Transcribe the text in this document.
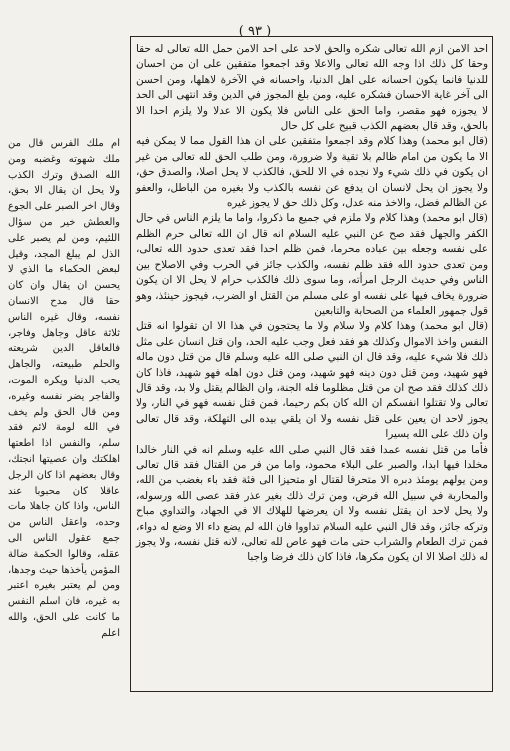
( ٩٣ )

احد الامن ازم الله تعالى شكره والحق لاحد على احد الامن حمل الله تعالى له حقا وحقا كل ذلك اذا وجه الله تعالى والاعلا وقد اجمعوا متفقين على ان من احسان للدنيا فانما يكون احسانه على اهل الدنيا، واحسانه في الآخرة لاهلها، ومن احسن الى آخر غاية الاحسان فشكره عليه، ومن بلغ المجوز في الدين وقد انتهى الى الحد لا يجوزه فهو مقصر، واما الحق على الناس فلا يكون الا عدلا ولا يلزم احدا الا بالحق، وقد قال بعضهم الكذب قبيح على كل حال

(قال ابو محمد) وهذا كلام وقد اجمعوا متفقين على ان هذا القول مما لا يمكن فيه الا ما يكون من امام ظالم بلا تقية ولا ضرورة، ومن طلب الحق لله تعالى من غير ان يكون في ذلك شيء ولا نجده في الا للحق، فالكذب لا يحل اصلا، والصدق حق، ولا يجوز ان يحل لانسان ان يدفع عن نفسه بالكذب ولا بغيره من الباطل، والعفو عن الظالم فضل، والاخذ منه عدل، وكل ذلك حق لا يجوز غيره

(قال ابو محمد) وهذا كلام ولا ملزم في جميع ما ذكروا، واما ما يلزم الناس في حال الكفر والجهل فقد صح عن النبي عليه السلام انه قال ان الله تعالى حرم الظلم على نفسه وجعله بين عباده محرما، فمن ظلم احدا فقد تعدى حدود الله تعالى، ومن تعدى حدود الله فقد ظلم نفسه، والكذب جائز في الحرب وفي الاصلاح بين الناس وفي حديث الرجل امرأته، وما سوى ذلك فالكذب حرام لا يحل الا ان يكون ضرورة يخاف فيها على نفسه او على مسلم من القتل او الضرب، فيجوز حينئذ، وهو قول جمهور العلماء من الصحابة والتابعين

(قال ابو محمد) وهذا كلام ولا سلام ولا ما يحتجون في هذا الا ان تقولوا انه قتل النفس واخذ الاموال وكذلك هو فقد فعل وجب عليه الحد، وان قتل انسان على مثل ذلك فلا شيء عليه، وقد قال ان النبي صلى الله عليه وسلم قال من قتل دون ماله فهو شهيد، ومن قتل دون دينه فهو شهيد، ومن قتل دون اهله فهو شهيد، فاذا كان ذلك كذلك فقد صح ان من قتل مظلوما فله الجنة، وان الظالم يقتل ولا بد، وقد قال تعالى ولا تقتلوا انفسكم ان الله كان بكم رحيما، فمن قتل نفسه فهو في النار، ولا يجوز لاحد ان يعين على قتل نفسه ولا ان يلقي بيده الى التهلكة، وقد قال تعالى وان ذلك على الله يسيرا

فأما من قتل نفسه عمدا فقد قال النبي صلى الله عليه وسلم انه في النار خالدا مخلدا فيها ابدا، والصبر على البلاء محمود، واما من فر من القتال فقد قال تعالى ومن يولهم يومئذ دبره الا متحرفا لقتال او متحيزا الى فئة فقد باء بغضب من الله، والمحاربة في سبيل الله فرض، ومن ترك ذلك بغير عذر فقد عصى الله ورسوله، ولا يحل لاحد ان يقتل نفسه ولا ان يعرضها للهلاك الا في الجهاد، والتداوي مباح وتركه جائز، وقد قال النبي عليه السلام تداووا فان الله لم يضع داء الا وضع له دواء، فمن ترك الطعام والشراب حتى مات فهو عاص لله تعالى، لانه قتل نفسه، ولا يجوز له ذلك اصلا الا ان يكون مكرها، فاذا كان ذلك فرضا واجبا

ام ملك الفرس قال من ملك شهوته وغضبه ومن الله الصدق وترك الكذب ولا يحل ان يقال الا بحق، وقال اخر الصبر على الجوع والعطش خير من سؤال اللئيم، ومن لم يصبر على الذل لم يبلغ المجد، وقيل لبعض الحكماء ما الذي لا يحسن ان يقال وان كان حقا قال مدح الانسان نفسه، وقال غيره الناس ثلاثة عاقل وجاهل وفاجر، فالعاقل الدين شريعته والحلم طبيعته، والجاهل يحب الدنيا ويكره الموت، والفاجر يضر نفسه وغيره، ومن قال الحق ولم يخف في الله لومة لائم فقد سلم، والنفس اذا اطعتها اهلكتك وان عصيتها انجتك، وقال بعضهم اذا كان الرجل عاقلا كان محبوبا عند الناس، واذا كان جاهلا مات وحده، واعقل الناس من جمع عقول الناس الى عقله، وقالوا الحكمة ضالة المؤمن يأخذها حيث وجدها، ومن لم يعتبر بغيره اعتبر به غيره، فان اسلم النفس ما كانت على الحق، والله اعلم
